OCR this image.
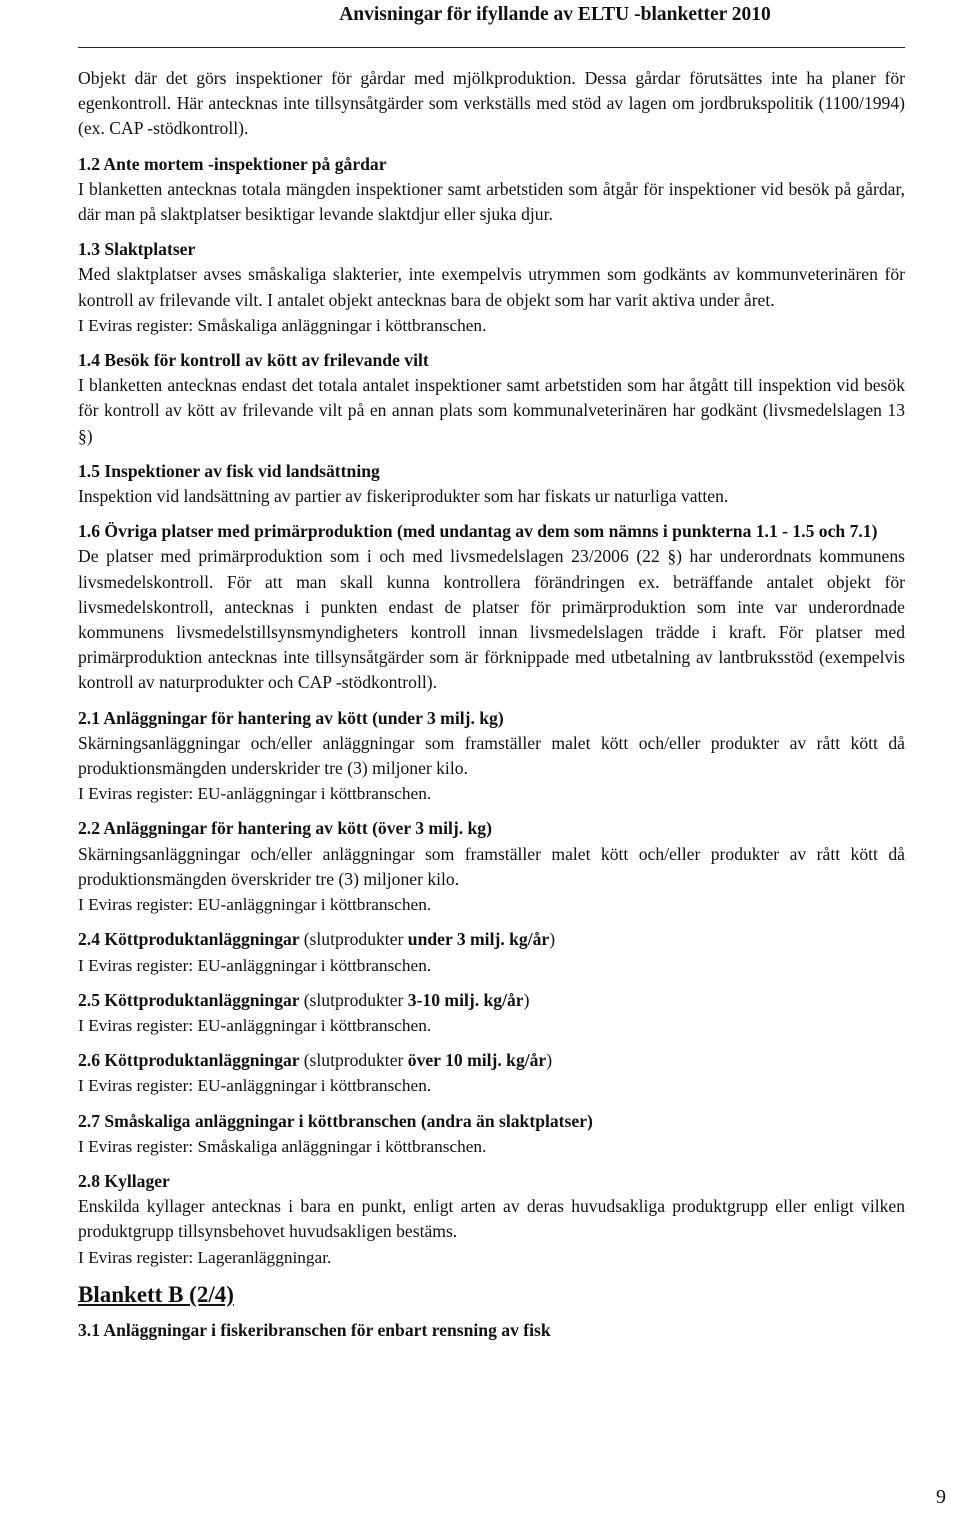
Anvisningar för ifyllande av ELTU -blanketter 2010

Objekt där det görs inspektioner för gårdar med mjölkproduktion. Dessa gårdar förutsättes inte ha planer för egenkontroll. Här antecknas inte tillsynsåtgärder som verkställs med stöd av lagen om jordbrukspolitik (1100/1994) (ex. CAP -stödkontroll).

1.2 Ante mortem -inspektioner på gårdar

I blanketten antecknas totala mängden inspektioner samt arbetstiden som åtgår för inspektioner vid besök på gårdar, där man på slaktplatser besiktigar levande slaktdjur eller sjuka djur.

1.3 Slaktplatser

Med slaktplatser avses småskaliga slakterier, inte exempelvis utrymmen som godkänts av kommunveterinären för kontroll av frilevande vilt. I antalet objekt antecknas bara de objekt som har varit aktiva under året.

I Eviras register: Småskaliga anläggningar i köttbranschen.

1.4 Besök för kontroll av kött av frilevande vilt

I blanketten antecknas endast det totala antalet inspektioner samt arbetstiden som har åtgått till inspektion vid besök för kontroll av kött av frilevande vilt på en annan plats som kommunalveterinären har godkänt (livsmedelslagen 13 §)

1.5 Inspektioner av fisk vid landsättning

Inspektion vid landsättning av partier av fiskeriprodukter som har fiskats ur naturliga vatten.

1.6 Övriga platser med primärproduktion (med undantag av dem som nämns i punkterna 1.1 - 1.5 och 7.1)

De platser med primärproduktion som i och med livsmedelslagen 23/2006 (22 §) har underordnats kommunens livsmedelskontroll. För att man skall kunna kontrollera förändringen ex. beträffande antalet objekt för livsmedelskontroll, antecknas i punkten endast de platser för primärproduktion som inte var underordnade kommunens livsmedelstillsynsmyndigheters kontroll innan livsmedelslagen trädde i kraft. För platser med primärproduktion antecknas inte tillsynsåtgärder som är förknippade med utbetalning av lantbruksstöd (exempelvis kontroll av naturprodukter och CAP -stödkontroll).

2.1 Anläggningar för hantering av kött (under 3 milj. kg)

Skärningsanläggningar och/eller anläggningar som framställer malet kött och/eller produkter av rått kött då produktionsmängden underskrider tre (3) miljoner kilo.

I Eviras register: EU-anläggningar i köttbranschen.

2.2 Anläggningar för hantering av kött (över 3 milj. kg)

Skärningsanläggningar och/eller anläggningar som framställer malet kött och/eller produkter av rått kött då produktionsmängden överskrider tre (3) miljoner kilo.

I Eviras register: EU-anläggningar i köttbranschen.

2.4 Köttproduktanläggningar (slutprodukter under 3 milj. kg/år)

I Eviras register: EU-anläggningar i köttbranschen.

2.5 Köttproduktanläggningar (slutprodukter 3-10 milj. kg/år)

I Eviras register: EU-anläggningar i köttbranschen.

2.6 Köttproduktanläggningar (slutprodukter över 10 milj. kg/år)

I Eviras register: EU-anläggningar i köttbranschen.

2.7 Småskaliga anläggningar i köttbranschen (andra än slaktplatser)

I Eviras register: Småskaliga anläggningar i köttbranschen.

2.8 Kyllager

Enskilda kyllager antecknas i bara en punkt, enligt arten av deras huvudsakliga produktgrupp eller enligt vilken produktgrupp tillsynsbehovet huvudsakligen bestäms.

I Eviras register: Lageranläggningar.

Blankett B (2/4)

3.1 Anläggningar i fiskeribranschen för enbart rensning av fisk

9
